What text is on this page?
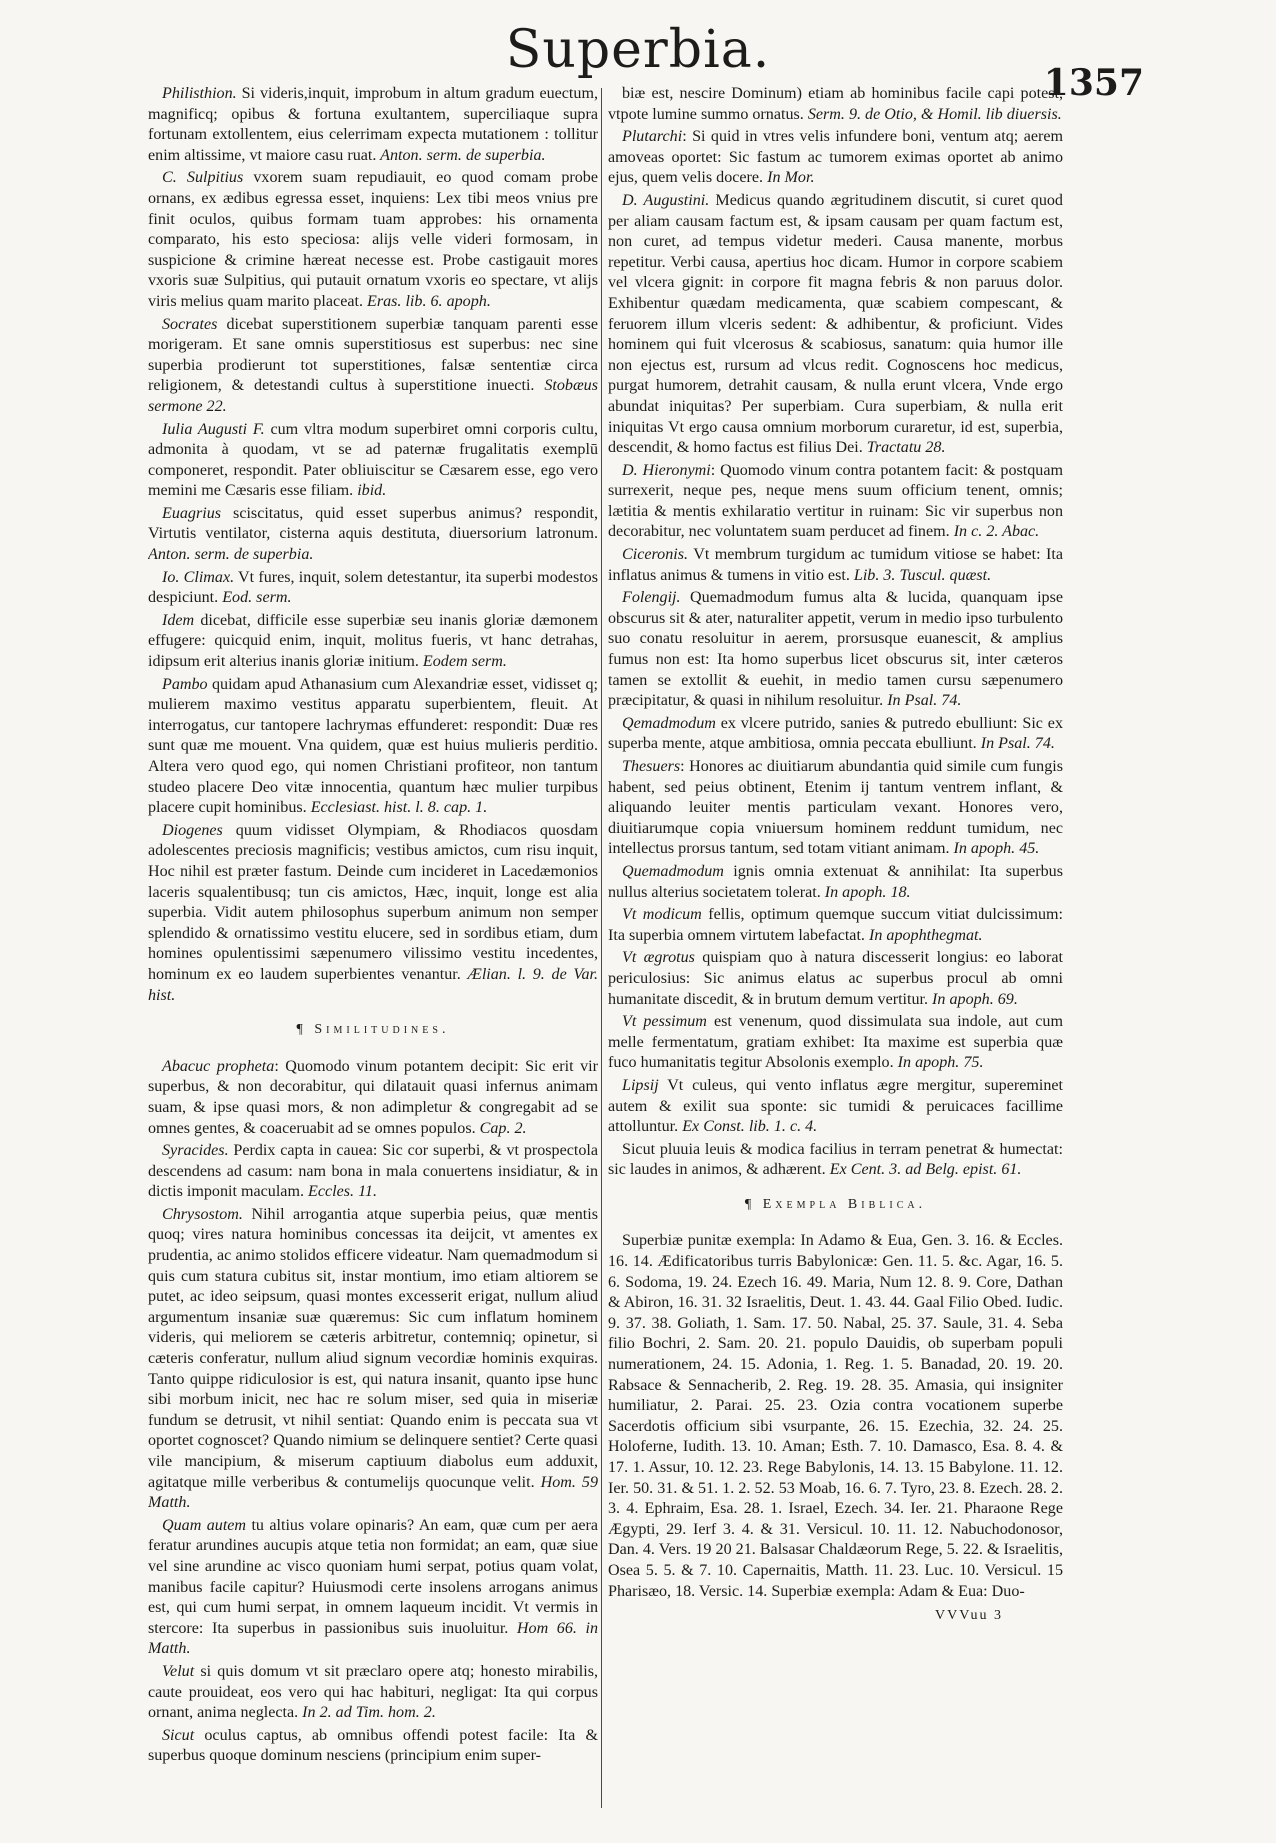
Superbia.
1357

Philisthion. Si videris,inquit, improbum in altum gradum euectum, magnificq; opibus & fortuna exultantem, superciliaque supra fortunam extollentem, eius celerrimam expecta mutationem : tollitur enim altissime, vt maiore casu ruat. Anton. serm. de superbia.

C. Sulpitius vxorem suam repudiauit, eo quod comam probe ornans, ex ædibus egressa esset, inquiens: Lex tibi meos vnius pre finit oculos, quibus formam tuam approbes: his ornamenta comparato, his esto speciosa: alijs velle videri formosam, in suspicione & crimine hæreat necesse est. Probe castigauit mores vxoris suæ Sulpitius, qui putauit ornatum vxoris eo spectare, vt alijs viris melius quam marito placeat. Eras. lib. 6. apoph.

Socrates dicebat superstitionem superbiæ tanquam parenti esse morigeram. Et sane omnis superstitiosus est superbus: nec sine superbia prodierunt tot superstitiones, falsæ sententiæ circa religionem, & detestandi cultus à superstitione inuecti. Stobæus sermone 22.

Iulia Augusti F. cum vltra modum superbiret omni corporis cultu, admonita à quodam, vt se ad paternæ frugalitatis exemplū componeret, respondit. Pater obliuiscitur se Cæsarem esse, ego vero memini me Cæsaris esse filiam. ibid.

Euagrius sciscitatus, quid esset superbus animus? respondit, Virtutis ventilator, cisterna aquis destituta, diuersorium latronum. Anton. serm. de superbia.

Io. Climax. Vt fures, inquit, solem detestantur, ita superbi modestos despiciunt. Eod. serm.

Idem dicebat, difficile esse superbiæ seu inanis gloriæ dæmonem effugere: quicquid enim, inquit, molitus fueris, vt hanc detrahas, idipsum erit alterius inanis gloriæ initium. Eodem serm.

Pambo quidam apud Athanasium cum Alexandriæ esset, vidisset q; mulierem maximo vestitus apparatu superbientem, fleuit. At interrogatus, cur tantopere lachrymas effunderet: respondit: Duæ res sunt quæ me mouent. Vna quidem, quæ est huius mulieris perditio. Altera vero quod ego, qui nomen Christiani profiteor, non tantum studeo placere Deo vitæ innocentia, quantum hæc mulier turpibus placere cupit hominibus. Ecclesiast. hist. l. 8. cap. 1.

Diogenes quum vidisset Olympiam, & Rhodiacos quosdam adolescentes preciosis magnificis; vestibus amictos, cum risu inquit, Hoc nihil est præter fastum. Deinde cum incideret in Lacedæmonios laceris squalentibusq; tun cis amictos, Hæc, inquit, longe est alia superbia. Vidit autem philosophus superbum animum non semper splendido & ornatissimo vestitu elucere, sed in sordibus etiam, dum homines opulentissimi sæpenumero vilissimo vestitu incedentes, hominum ex eo laudem superbientes venantur. Ælian. l. 9. de Var. hist.

¶ Similitudines.

Abacuc propheta: Quomodo vinum potantem decipit: Sic erit vir superbus, & non decorabitur, qui dilatauit quasi infernus animam suam, & ipse quasi mors, & non adimpletur & congregabit ad se omnes gentes, & coaceruabit ad se omnes populos. Cap. 2.

Syracides. Perdix capta in cauea: Sic cor superbi, & vt prospectola descendens ad casum: nam bona in mala conuertens insidiatur, & in dictis imponit maculam. Eccles. 11.

Chrysostom. Nihil arrogantia atque superbia peius, quæ mentis quoq; vires natura hominibus concessas ita deijcit, vt amentes ex prudentia, ac animo stolidos efficere videatur. Nam quemadmodum si quis cum statura cubitus sit, instar montium, imo etiam altiorem se putet, ac ideo seipsum, quasi montes excesserit erigat, nullum aliud argumentum insaniæ suæ quæremus: Sic cum inflatum hominem videris, qui meliorem se cæteris arbitretur, contemniq; opinetur, si cæteris conferatur, nullum aliud signum vecordiæ hominis exquiras. Tanto quippe ridiculosior is est, qui natura insanit, quanto ipse hunc sibi morbum inicit, nec hac re solum miser, sed quia in miseriæ fundum se detrusit, vt nihil sentiat: Quando enim is peccata sua vt oportet cognoscet? Quando nimium se delinquere sentiet? Certe quasi vile mancipium, & miserum captiuum diabolus eum adduxit, agitatque mille verberibus & contumelijs quocunque velit. Hom. 59 Matth.

Quam autem tu altius volare opinaris? An eam, quæ cum per aera feratur arundines aucupis atque tetia non formidat; an eam, quæ siue vel sine arundine ac visco quoniam humi serpat, potius quam volat, manibus facile capitur? Huiusmodi certe insolens arrogans animus est, qui cum humi serpat, in omnem laqueum incidit. Vt vermis in stercore: Ita superbus in passionibus suis inuoluitur. Hom 66. in Matth.

Velut si quis domum vt sit præclaro opere atq; honesto mirabilis, caute prouideat, eos vero qui hac habituri, negligat: Ita qui corpus ornant, anima neglecta. In 2. ad Tim. hom. 2.

Sicut oculus captus, ab omnibus offendi potest facile: Ita & superbus quoque dominum nesciens (principium enim super-

biæ est, nescire Dominum) etiam ab hominibus facile capi potest, vtpote lumine summo ornatus. Serm. 9. de Otio, & Homil. lib diuersis.

Plutarchi: Si quid in vtres velis infundere boni, ventum atq; aerem amoveas oportet: Sic fastum ac tumorem eximas oportet ab animo ejus, quem velis docere. In Mor.

D. Augustini. Medicus quando ægritudinem discutit, si curet quod per aliam causam factum est, & ipsam causam per quam factum est, non curet, ad tempus videtur mederi. Causa manente, morbus repetitur. Verbi causa, apertius hoc dicam. Humor in corpore scabiem vel vlcera gignit: in corpore fit magna febris & non paruus dolor. Exhibentur quædam medicamenta, quæ scabiem compescant, & feruorem illum vlceris sedent: & adhibentur, & proficiunt. Vides hominem qui fuit vlcerosus & scabiosus, sanatum: quia humor ille non ejectus est, rursum ad vlcus redit. Cognoscens hoc medicus, purgat humorem, detrahit causam, & nulla erunt vlcera, Vnde ergo abundat iniquitas? Per superbiam. Cura superbiam, & nulla erit iniquitas Vt ergo causa omnium morborum curaretur, id est, superbia, descendit, & homo factus est filius Dei. Tractatu 28.

D. Hieronymi: Quomodo vinum contra potantem facit: & postquam surrexerit, neque pes, neque mens suum officium tenent, omnis; lætitia & mentis exhilaratio vertitur in ruinam: Sic vir superbus non decorabitur, nec voluntatem suam perducet ad finem. In c. 2. Abac.

Ciceronis. Vt membrum turgidum ac tumidum vitiose se habet: Ita inflatus animus & tumens in vitio est. Lib. 3. Tuscul. quæst.

Folengij. Quemadmodum fumus alta & lucida, quanquam ipse obscurus sit & ater, naturaliter appetit, verum in medio ipso turbulento suo conatu resoluitur in aerem, prorsusque euanescit, & amplius fumus non est: Ita homo superbus licet obscurus sit, inter cæteros tamen se extollit & euehit, in medio tamen cursu sæpenumero præcipitatur, & quasi in nihilum resoluitur. In Psal. 74.

Qemadmodum ex vlcere putrido, sanies & putredo ebulliunt: Sic ex superba mente, atque ambitiosa, omnia peccata ebulliunt. In Psal. 74.

Thesuers: Honores ac diuitiarum abundantia quid simile cum fungis habent, sed peius obtinent, Etenim ij tantum ventrem inflant, & aliquando leuiter mentis particulam vexant. Honores vero, diuitiarumque copia vniuersum hominem reddunt tumidum, nec intellectus prorsus tantum, sed totam vitiant animam. In apoph. 45.

Quemadmodum ignis omnia extenuat & annihilat: Ita superbus nullus alterius societatem tolerat. In apoph. 18.

Vt modicum fellis, optimum quemque succum vitiat dulcissimum: Ita superbia omnem virtutem labefactat. In apophthegmat.

Vt ægrotus quispiam quo à natura discesserit longius: eo laborat periculosius: Sic animus elatus ac superbus procul ab omni humanitate discedit, & in brutum demum vertitur. In apoph. 69.

Vt pessimum est venenum, quod dissimulata sua indole, aut cum melle fermentatum, gratiam exhibet: Ita maxime est superbia quæ fuco humanitatis tegitur Absolonis exemplo. In apoph. 75.

Lipsij Vt culeus, qui vento inflatus ægre mergitur, supereminet autem & exilit sua sponte: sic tumidi & peruicaces facillime attolluntur. Ex Const. lib. 1. c. 4.

Sicut pluuia leuis & modica facilius in terram penetrat & humectat: sic laudes in animos, & adhærent. Ex Cent. 3. ad Belg. epist. 61.

¶ Exempla Biblica.

Superbiæ punitæ exempla: In Adamo & Eua, Gen. 3. 16. & Eccles. 16. 14. Ædificatoribus turris Babylonicæ: Gen. 11. 5. &c. Agar, 16. 5. 6. Sodoma, 19. 24. Ezech 16. 49. Maria, Num 12. 8. 9. Core, Dathan & Abiron, 16. 31. 32 Israelitis, Deut. 1. 43. 44. Gaal Filio Obed. Iudic. 9. 37. 38. Goliath, 1. Sam. 17. 50. Nabal, 25. 37. Saule, 31. 4. Seba filio Bochri, 2. Sam. 20. 21. populo Dauidis, ob superbam populi numerationem, 24. 15. Adonia, 1. Reg. 1. 5. Banadad, 20. 19. 20. Rabsace & Sennacherib, 2. Reg. 19. 28. 35. Amasia, qui insigniter humiliatur, 2. Parai. 25. 23. Ozia contra vocationem superbe Sacerdotis officium sibi vsurpante, 26. 15. Ezechia, 32. 24. 25. Holoferne, Iudith. 13. 10. Aman; Esth. 7. 10. Damasco, Esa. 8. 4. & 17. 1. Assur, 10. 12. 23. Rege Babylonis, 14. 13. 15 Babylone. 11. 12. Ier. 50. 31. & 51. 1. 2. 52. 53 Moab, 16. 6. 7. Tyro, 23. 8. Ezech. 28. 2. 3. 4. Ephraim, Esa. 28. 1. Israel, Ezech. 34. Ier. 21. Pharaone Rege Ægypti, 29. Ierf 3. 4. & 31. Versicul. 10. 11. 12. Nabuchodonosor, Dan. 4. Vers. 19 20 21. Balsasar Chaldæorum Rege, 5. 22. & Israelitis, Osea 5. 5. & 7. 10. Capernaitis, Matth. 11. 23. Luc. 10. Versicul. 15 Pharisæo, 18. Versic. 14. Superbiæ exempla: Adam & Eua: Duo-

VVVuu 3
